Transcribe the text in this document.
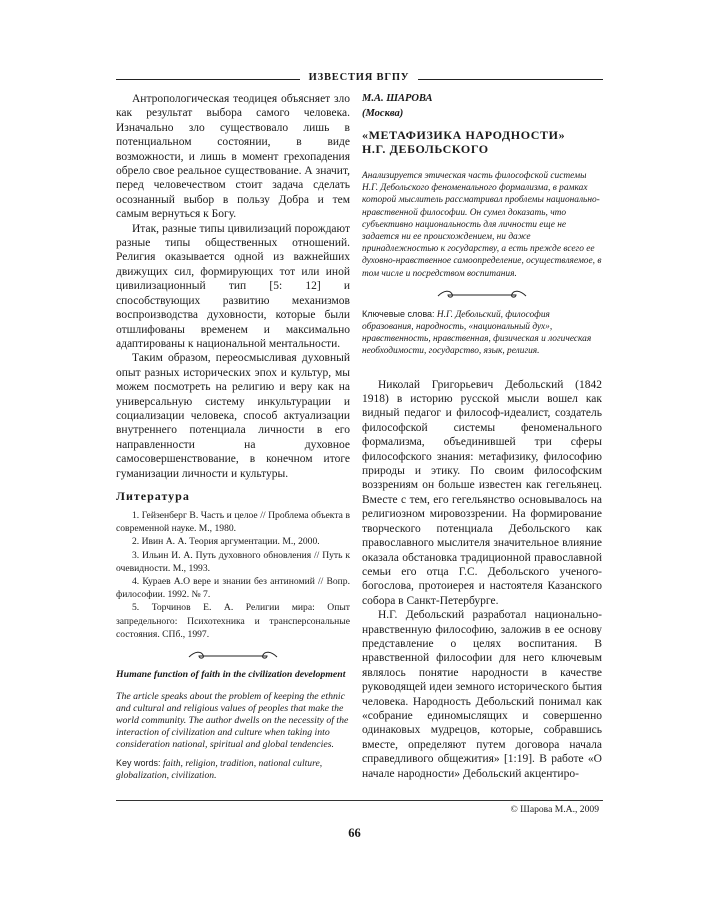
ИЗВЕСТИЯ ВГПУ

Антропологическая теодицея объясняет зло как результат выбора самого человека. Изначально зло существовало лишь в потенциальном состоянии, в виде возможности, и лишь в момент грехопадения обрело свое реальное существование. А значит, перед человечеством стоит задача сделать осознанный выбор в пользу Добра и тем самым вернуться к Богу.

Итак, разные типы цивилизаций порождают разные типы общественных отношений. Религия оказывается одной из важнейших движущих сил, формирующих тот или иной цивилизационный тип [5: 12] и способствующих развитию механизмов воспроизводства духовности, которые были отшлифованы временем и максимально адаптированы к национальной ментальности.

Таким образом, переосмысливая духовный опыт разных исторических эпох и культур, мы можем посмотреть на религию и веру как на универсальную систему инкультурации и социализации человека, способ актуализации внутреннего потенциала личности в его направленности на духовное самосовершенствование, в конечном итоге гуманизации личности и культуры.

Литература

1. Гейзенберг В. Часть и целое // Проблема объекта в современной науке. М., 1980.

2. Ивин А. А. Теория аргументации. М., 2000.

3. Ильин И. А. Путь духовного обновления // Путь к очевидности. М., 1993.

4. Кураев А.О вере и знании без антиномий // Вопр. философии. 1992. № 7.

5. Торчинов Е. А. Религии мира: Опыт запредельного: Психотехника и трансперсональные состояния. СПб., 1997.

Humane function of faith in the civilization development
The article speaks about the problem of keeping the ethnic and cultural and religious values of peoples that make the world community. The author dwells on the necessity of the interaction of civilization and culture when taking into consideration national, spiritual and global tendencies.

Key words: faith, religion, tradition, national culture, globalization, civilization.

М.А. ШАРОВА

(Москва)

«МЕТАФИЗИКА НАРОДНОСТИ»
Н.Г. ДЕБОЛЬСКОГО

Анализируется этическая часть философской системы Н.Г. Дебольского феноменального формализма, в рамках которой мыслитель рассматривал проблемы национально-нравственной философии. Он сумел доказать, что субъективно национальность для личности еще не задается ни ее происхождением, ни даже принадлежностью к государству, а есть прежде всего ее духовно-нравственное самоопределение, осуществляемое, в том числе и посредством воспитания.

Ключевые слова: Н.Г. Дебольский, философия образования, народность, «национальный дух», нравственность, нравственная, физическая и логическая необходимости, государство, язык, религия.

Николай Григорьевич Дебольский (1842 1918) в историю русской мысли вошел как видный педагог и философ-идеалист, создатель философской системы феноменального формализма, объединившей три сферы философского знания: метафизику, философию природы и этику. По своим философским воззрениям он больше известен как гегельянец. Вместе с тем, его гегельянство основывалось на религиозном мировоззрении. На формирование творческого потенциала Дебольского как православного мыслителя значительное влияние оказала обстановка традиционной православной семьи его отца Г.С. Дебольского ученого-богослова, протоиерея и настоятеля Казанского собора в Санкт-Петербурге.

Н.Г. Дебольский разработал национально-нравственную философию, заложив в ее основу представление о целях воспитания. В нравственной философии для него ключевым являлось понятие народности в качестве руководящей идеи земного исторического бытия человека. Народность Дебольский понимал как «собрание единомыслящих и совершенно одинаковых мудрецов, которые, собравшись вместе, определяют путем договора начала справедливого общежития» [1:19]. В работе «О начале народности» Дебольский акцентиро-

© Шарова М.А., 2009
66
